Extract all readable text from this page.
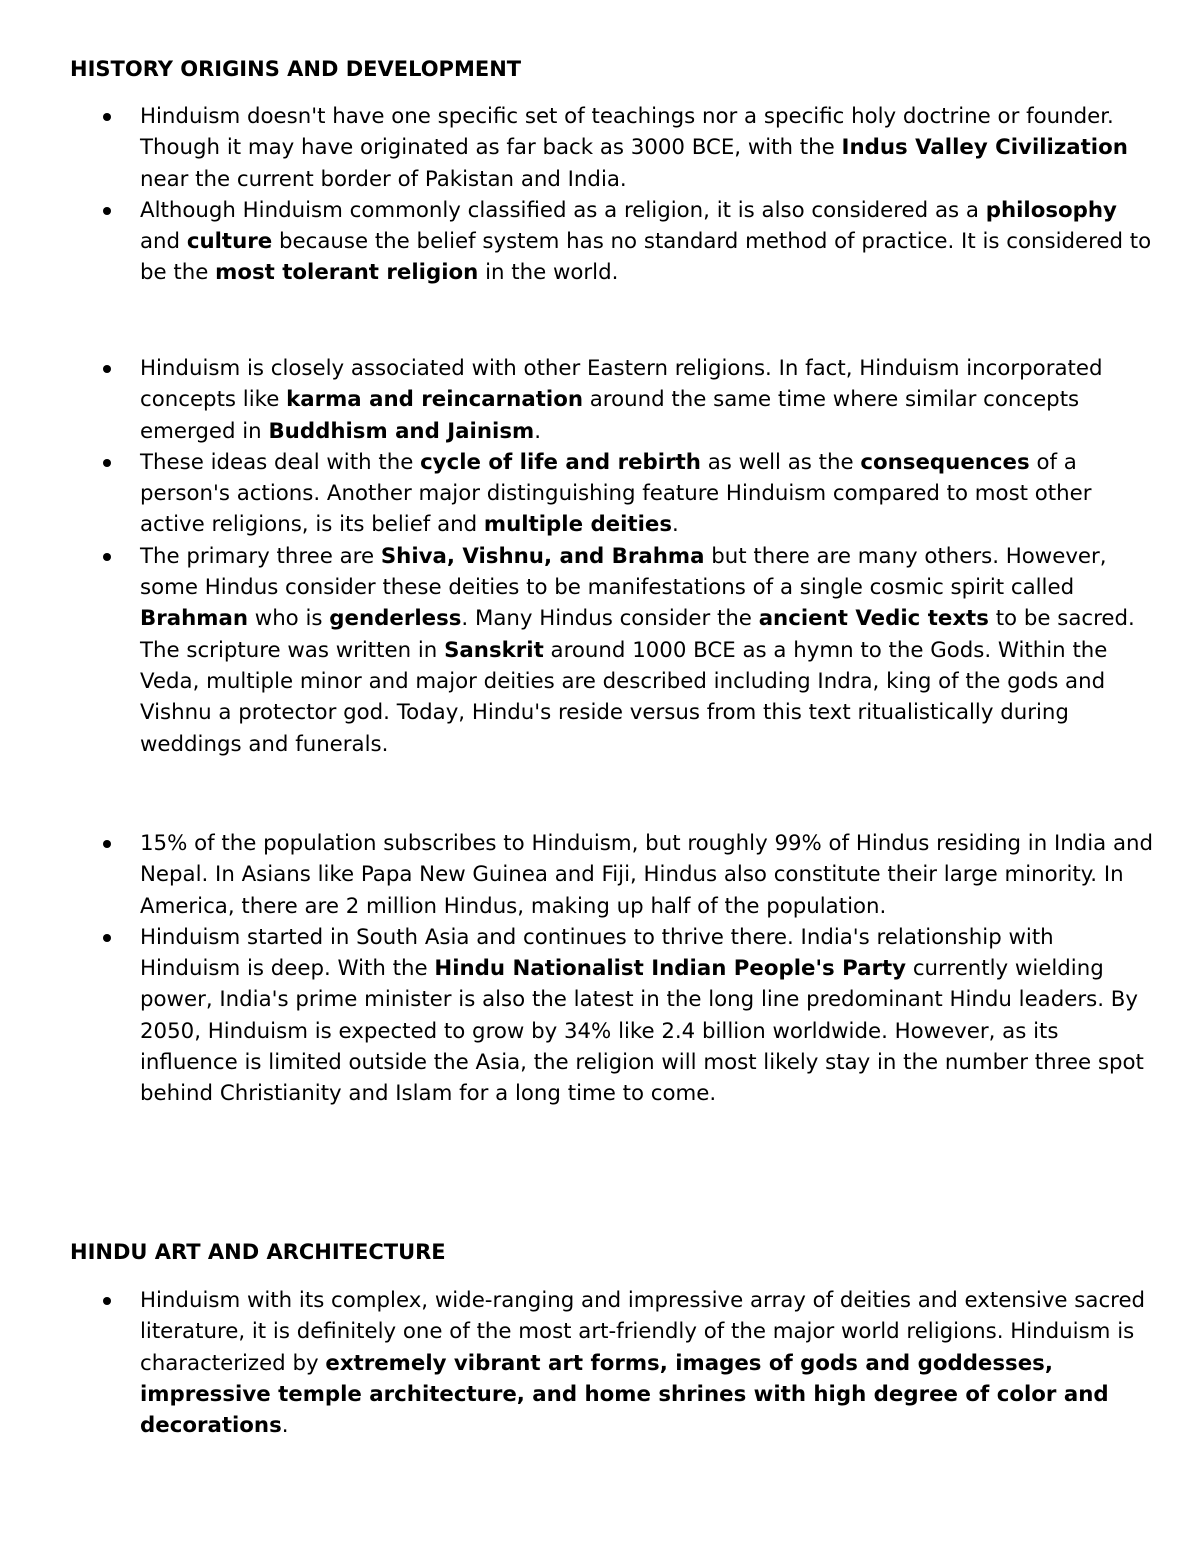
HISTORY ORIGINS AND DEVELOPMENT
Hinduism doesn't have one specific set of teachings nor a specific holy doctrine or founder. Though it may have originated as far back as 3000 BCE, with the Indus Valley Civilization near the current border of Pakistan and India.
Although Hinduism commonly classified as a religion, it is also considered as a philosophy and culture because the belief system has no standard method of practice. It is considered to be the most tolerant religion in the world.
Hinduism is closely associated with other Eastern religions. In fact, Hinduism incorporated concepts like karma and reincarnation around the same time where similar concepts emerged in Buddhism and Jainism.
These ideas deal with the cycle of life and rebirth as well as the consequences of a person's actions. Another major distinguishing feature Hinduism compared to most other active religions, is its belief and multiple deities.
The primary three are Shiva, Vishnu, and Brahma but there are many others. However, some Hindus consider these deities to be manifestations of a single cosmic spirit called Brahman who is genderless. Many Hindus consider the ancient Vedic texts to be sacred. The scripture was written in Sanskrit around 1000 BCE as a hymn to the Gods. Within the Veda, multiple minor and major deities are described including Indra, king of the gods and Vishnu a protector god. Today, Hindu's reside versus from this text ritualistically during weddings and funerals.
15% of the population subscribes to Hinduism, but roughly 99% of Hindus residing in India and Nepal. In Asians like Papa New Guinea and Fiji, Hindus also constitute their large minority. In America, there are 2 million Hindus, making up half of the population.
Hinduism started in South Asia and continues to thrive there. India's relationship with Hinduism is deep. With the Hindu Nationalist Indian People's Party currently wielding power, India's prime minister is also the latest in the long line predominant Hindu leaders. By 2050, Hinduism is expected to grow by 34% like 2.4 billion worldwide. However, as its influence is limited outside the Asia, the religion will most likely stay in the number three spot behind Christianity and Islam for a long time to come.
HINDU ART AND ARCHITECTURE
Hinduism with its complex, wide-ranging and impressive array of deities and extensive sacred literature, it is definitely one of the most art-friendly of the major world religions. Hinduism is characterized by extremely vibrant art forms, images of gods and goddesses, impressive temple architecture, and home shrines with high degree of color and decorations.
